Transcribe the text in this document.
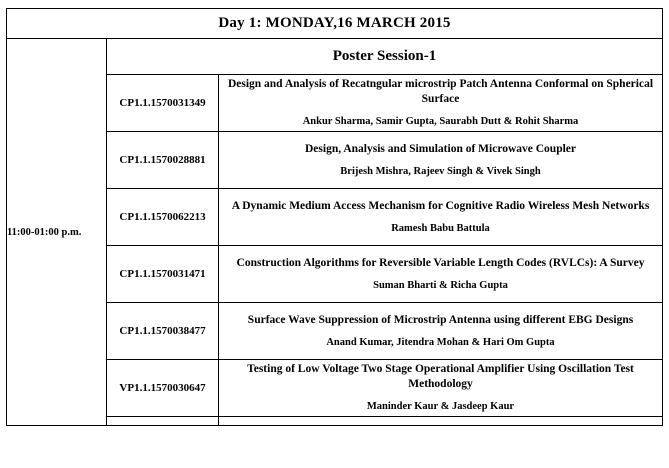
Day 1: MONDAY,16 MARCH 2015		
11:00-01:00 p.m.	Poster Session-1	
	CP1.1.1570031349	Design and Analysis of Recatngular microstrip Patch Antenna Conformal on Spherical Surface
Ankur Sharma, Samir Gupta, Saurabh Dutt & Rohit Sharma

	CP1.1.1570028881	Design, Analysis and Simulation of Microwave Coupler
Brijesh Mishra, Rajeev Singh & Vivek Singh

	CP1.1.1570062213	A Dynamic Medium Access Mechanism for Cognitive Radio Wireless Mesh Networks
Ramesh Babu Battula

	CP1.1.1570031471	Construction Algorithms for Reversible Variable Length Codes (RVLCs): A Survey
Suman Bharti & Richa Gupta

	CP1.1.1570038477	Surface Wave Suppression of Microstrip Antenna using different EBG Designs
Anand Kumar, Jitendra Mohan & Hari Om Gupta

	VP1.1.1570030647	Testing of Low Voltage Two Stage Operational Amplifier Using Oscillation Test Methodology
Maninder Kaur & Jasdeep Kaur
